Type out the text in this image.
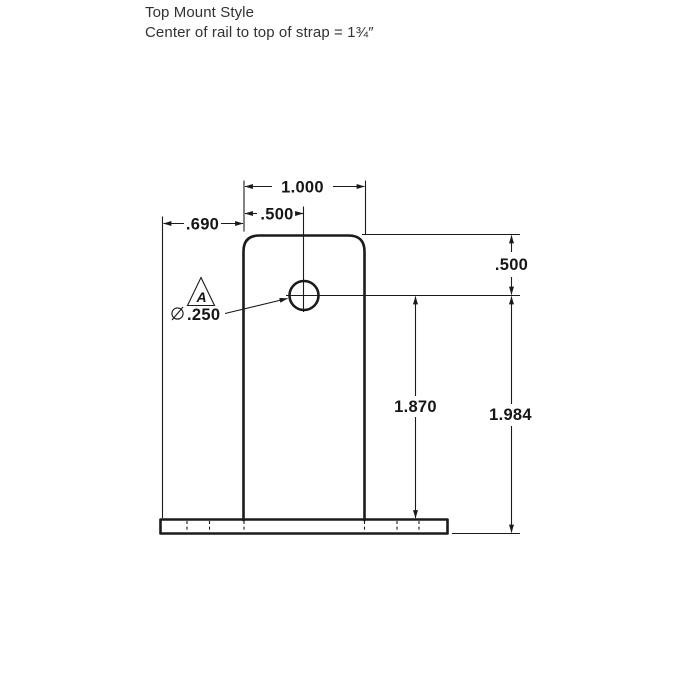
Top Mount Style
Center of rail to top of strap = 1¾″
1.000
.500
.690
.500
1.870	1.984
.250
A
